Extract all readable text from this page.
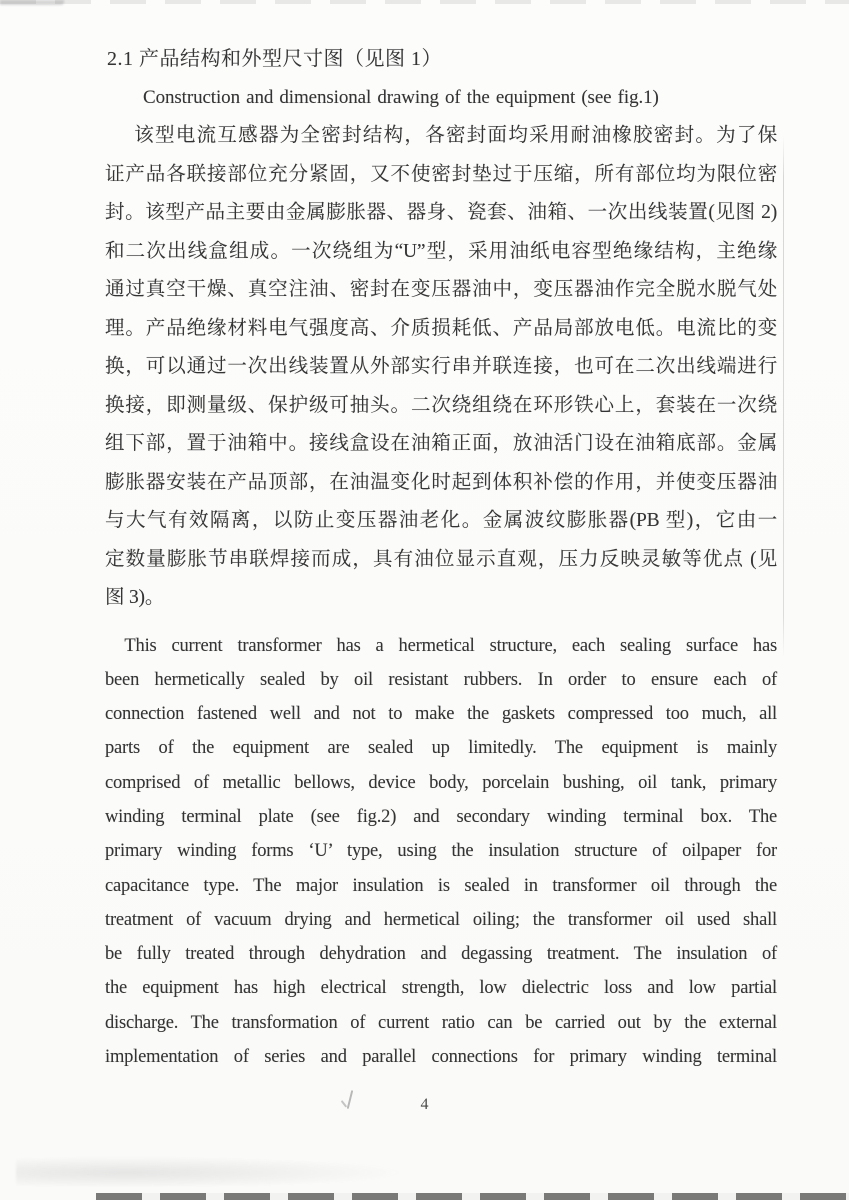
2.1 产品结构和外型尺寸图（见图 1）
Construction and dimensional drawing of the equipment (see fig.1)
该型电流互感器为全密封结构，各密封面均采用耐油橡胶密封。为了保
证产品各联接部位充分紧固，又不使密封垫过于压缩，所有部位均为限位密
封。该型产品主要由金属膨胀器、器身、瓷套、油箱、一次出线装置(见图 2)
和二次出线盒组成。一次绕组为“U”型，采用油纸电容型绝缘结构，主绝缘
通过真空干燥、真空注油、密封在变压器油中，变压器油作完全脱水脱气处
理。产品绝缘材料电气强度高、介质损耗低、产品局部放电低。电流比的变
换，可以通过一次出线装置从外部实行串并联连接，也可在二次出线端进行
换接，即测量级、保护级可抽头。二次绕组绕在环形铁心上，套装在一次绕
组下部，置于油箱中。接线盒设在油箱正面，放油活门设在油箱底部。金属
膨胀器安装在产品顶部，在油温变化时起到体积补偿的作用，并使变压器油
与大气有效隔离，以防止变压器油老化。金属波纹膨胀器(PB 型)，它由一
定数量膨胀节串联焊接而成，具有油位显示直观，压力反映灵敏等优点 (见
图 3)。
This current transformer has a hermetical structure, each sealing surface has
been hermetically sealed by oil resistant rubbers. In order to ensure each of
connection fastened well and not to make the gaskets compressed too much, all
parts of the equipment are sealed up limitedly. The equipment is mainly
comprised of metallic bellows, device body, porcelain bushing, oil tank, primary
winding terminal plate (see fig.2) and secondary winding terminal box. The
primary winding forms ‘U’ type, using the insulation structure of oilpaper for
capacitance type. The major insulation is sealed in transformer oil through the
treatment of vacuum drying and hermetical oiling; the transformer oil used shall
be fully treated through dehydration and degassing treatment. The insulation of
the equipment has high electrical strength, low dielectric loss and low partial
discharge. The transformation of current ratio can be carried out by the external
implementation of series and parallel connections for primary winding terminal
4
